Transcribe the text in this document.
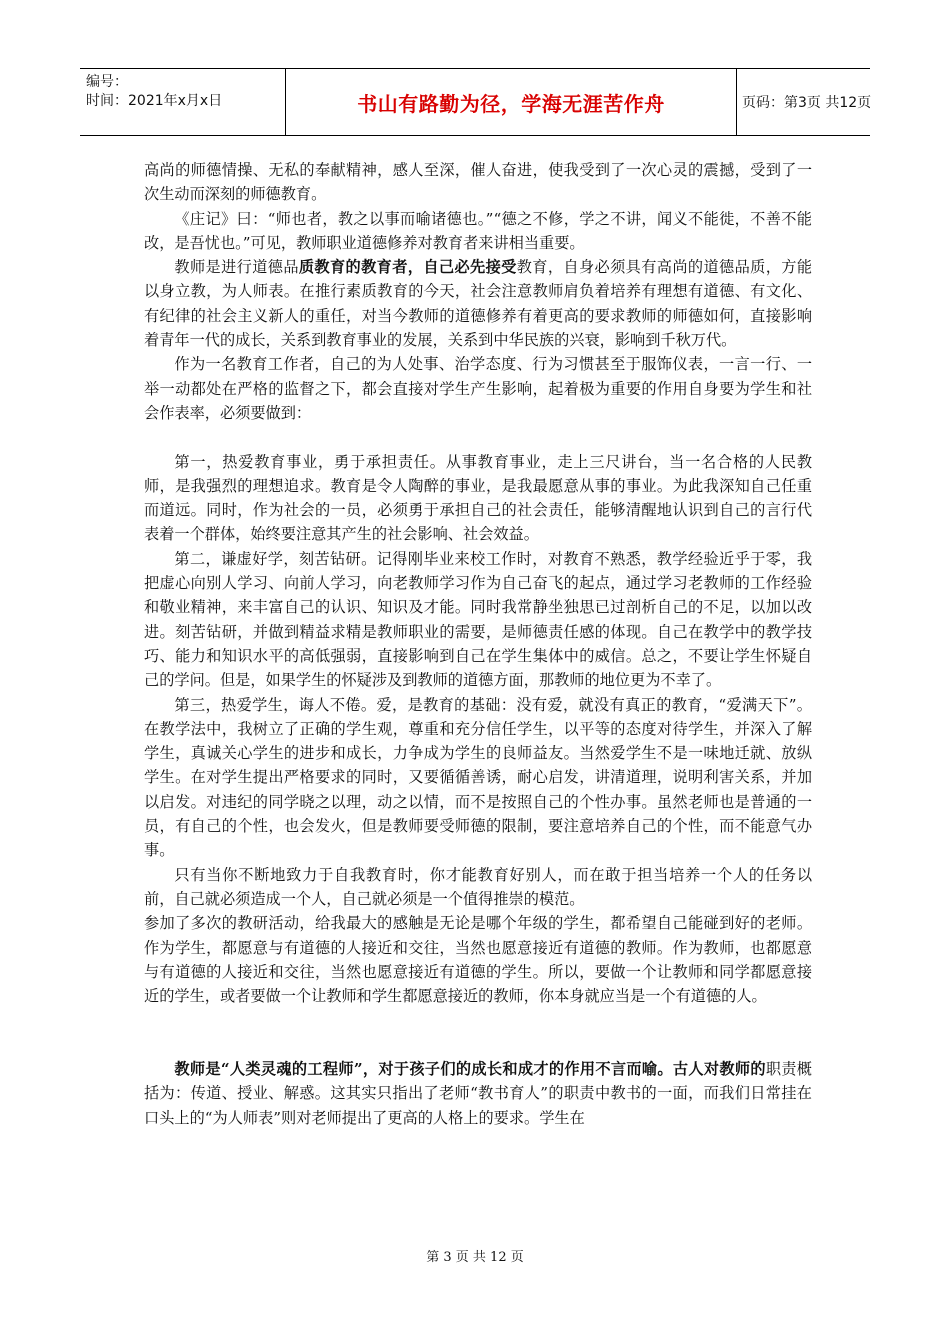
编号：
时间：2021年x月x日	书山有路勤为径，学海无涯苦作舟	页码：第3页 共12页

高尚的师德情操、无私的奉献精神，感人至深，催人奋进，使我受到了一次心灵的震撼，受到了一次生动而深刻的师德教育。

《庄记》曰：“师也者，教之以事而喻诸德也。”“德之不修，学之不讲，闻义不能徙，不善不能改，是吾忧也。”可见，教师职业道德修养对教育者来讲相当重要。

教师是进行道德品质教育的教育者，自己必先接受教育，自身必须具有高尚的道德品质，方能以身立教，为人师表。在推行素质教育的今天，社会注意教师肩负着培养有理想有道德、有文化、有纪律的社会主义新人的重任，对当今教师的道德修养有着更高的要求教师的师德如何，直接影响着青年一代的成长，关系到教育事业的发展，关系到中华民族的兴衰，影响到千秋万代。

作为一名教育工作者，自己的为人处事、治学态度、行为习惯甚至于服饰仪表，一言一行、一举一动都处在严格的监督之下，都会直接对学生产生影响，起着极为重要的作用自身要为学生和社会作表率，必须要做到：

第一，热爱教育事业，勇于承担责任。从事教育事业，走上三尺讲台，当一名合格的人民教师，是我强烈的理想追求。教育是令人陶醉的事业，是我最愿意从事的事业。为此我深知自己任重而道远。同时，作为社会的一员，必须勇于承担自己的社会责任，能够清醒地认识到自己的言行代表着一个群体，始终要注意其产生的社会影响、社会效益。

第二，谦虚好学，刻苦钻研。记得刚毕业来校工作时，对教育不熟悉，教学经验近乎于零，我把虚心向别人学习、向前人学习，向老教师学习作为自己奋飞的起点，通过学习老教师的工作经验和敬业精神，来丰富自己的认识、知识及才能。同时我常静坐独思已过剖析自己的不足，以加以改进。刻苦钻研，并做到精益求精是教师职业的需要，是师德责任感的体现。自己在教学中的教学技巧、能力和知识水平的高低强弱，直接影响到自己在学生集体中的威信。总之，不要让学生怀疑自己的学问。但是，如果学生的怀疑涉及到教师的道德方面，那教师的地位更为不幸了。

第三，热爱学生，诲人不倦。爱，是教育的基础：没有爱，就没有真正的教育，“爱满天下”。在教学法中，我树立了正确的学生观，尊重和充分信任学生，以平等的态度对待学生，并深入了解学生，真诚关心学生的进步和成长，力争成为学生的良师益友。当然爱学生不是一味地迁就、放纵学生。在对学生提出严格要求的同时，又要循循善诱，耐心启发，讲清道理，说明利害关系，并加以启发。对违纪的同学晓之以理，动之以情，而不是按照自己的个性办事。虽然老师也是普通的一员，有自己的个性，也会发火，但是教师要受师德的限制，要注意培养自己的个性，而不能意气办事。

只有当你不断地致力于自我教育时，你才能教育好别人，而在敢于担当培养一个人的任务以前，自己就必须造成一个人，自己就必须是一个值得推崇的模范。

参加了多次的教研活动，给我最大的感触是无论是哪个年级的学生，都希望自己能碰到好的老师。作为学生，都愿意与有道德的人接近和交往，当然也愿意接近有道德的教师。作为教师，也都愿意与有道德的人接近和交往，当然也愿意接近有道德的学生。所以，要做一个让教师和同学都愿意接近的学生，或者要做一个让教师和学生都愿意接近的教师，你本身就应当是一个有道德的人。

教师是“人类灵魂的工程师”，对于孩子们的成长和成才的作用不言而喻。古人对教师的职责概括为：传道、授业、解惑。这其实只指出了老师“教书育人”的职责中教书的一面，而我们日常挂在口头上的“为人师表”则对老师提出了更高的人格上的要求。学生在

第 3 页 共 12 页
